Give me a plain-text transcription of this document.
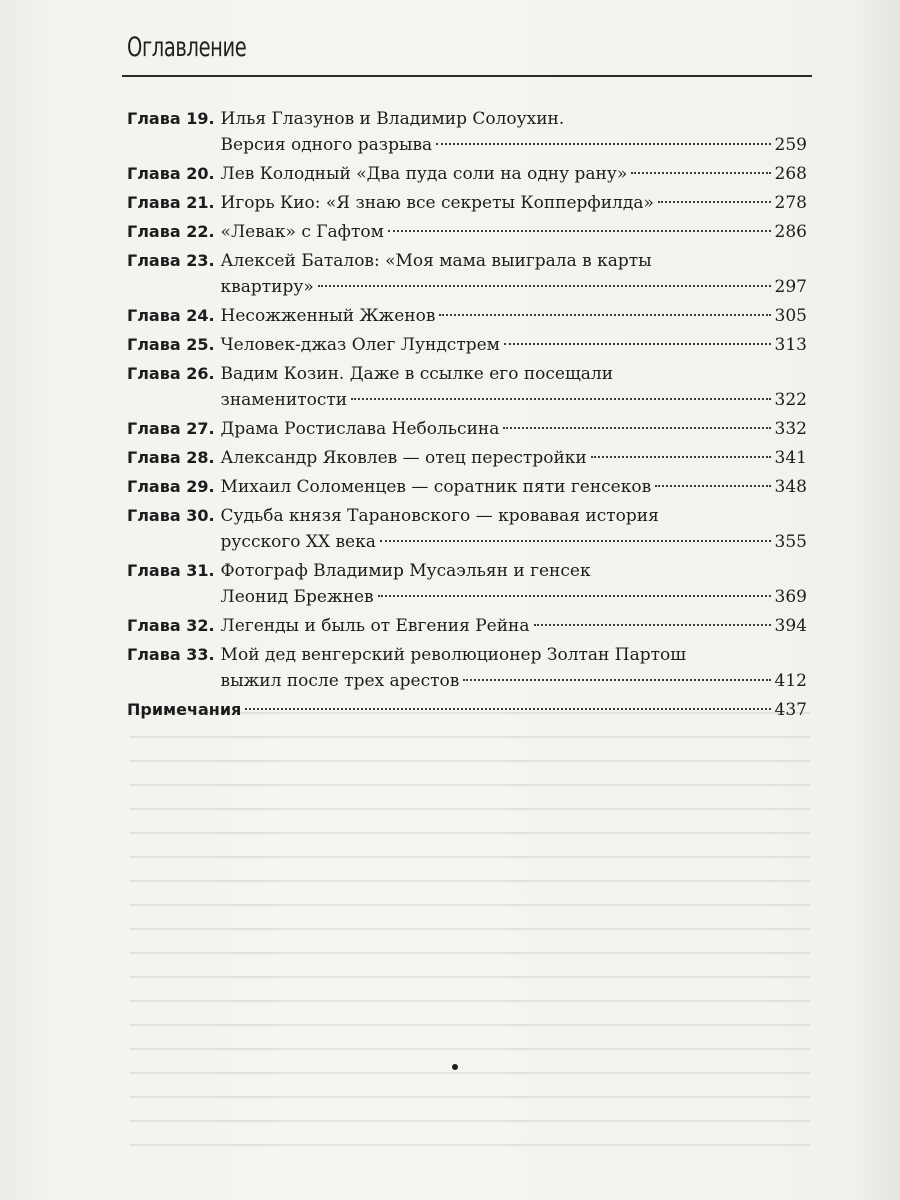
Оглавление
Глава 19. Илья Глазунов и Владимир Солоухин.
Версия одного разрыва	259
Глава 20. Лев Колодный «Два пуда соли на одну рану»	268
Глава 21. Игорь Кио: «Я знаю все секреты Копперфилда»	278
Глава 22. «Левак» с Гафтом	286
Глава 23. Алексей Баталов: «Моя мама выиграла в карты
квартиру»	297
Глава 24. Несожженный Жженов	305
Глава 25. Человек-джаз Олег Лундстрем	313
Глава 26. Вадим Козин. Даже в ссылке его посещали
знаменитости	322
Глава 27. Драма Ростислава Небольсина	332
Глава 28. Александр Яковлев — отец перестройки	341
Глава 29. Михаил Соломенцев — соратник пяти генсеков	348
Глава 30. Судьба князя Тарановского — кровавая история
русского XX века	355
Глава 31. Фотограф Владимир Мусаэльян и генсек
Леонид Брежнев	369
Глава 32. Легенды и быль от Евгения Рейна	394
Глава 33. Мой дед венгерский революционер Золтан Партош
выжил после трех арестов	412
Примечания	437
